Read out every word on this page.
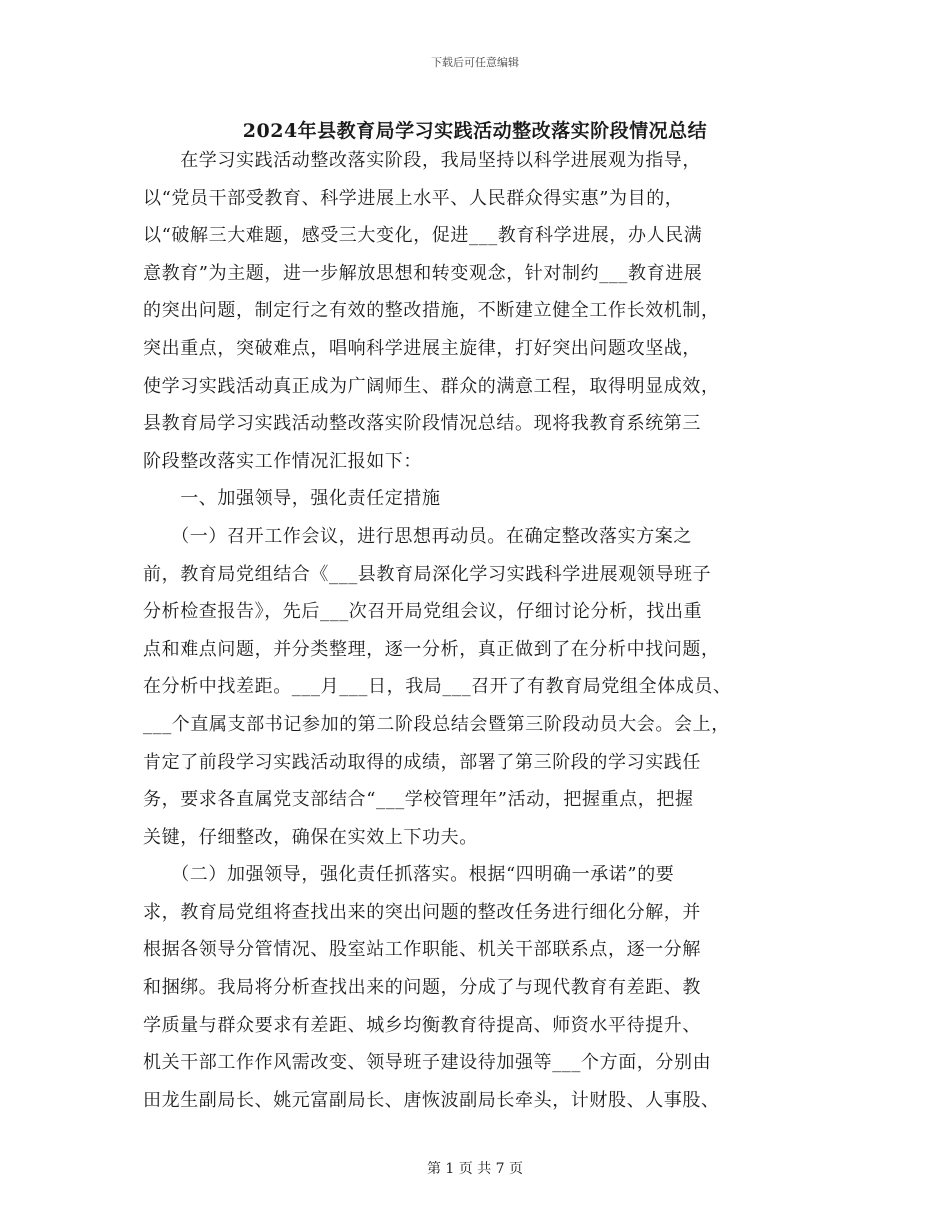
下载后可任意编辑
2024年县教育局学习实践活动整改落实阶段情况总结
　　在学习实践活动整改落实阶段，我局坚持以科学进展观为指导，
以“党员干部受教育、科学进展上水平、人民群众得实惠”为目的，
以“破解三大难题，感受三大变化，促进___教育科学进展，办人民满
意教育”为主题，进一步解放思想和转变观念，针对制约___教育进展
的突出问题，制定行之有效的整改措施，不断建立健全工作长效机制，
突出重点，突破难点，唱响科学进展主旋律，打好突出问题攻坚战，
使学习实践活动真正成为广阔师生、群众的满意工程，取得明显成效，
县教育局学习实践活动整改落实阶段情况总结。现将我教育系统第三
阶段整改落实工作情况汇报如下：
　　一、加强领导，强化责任定措施
　　（一）召开工作会议，进行思想再动员。在确定整改落实方案之
前，教育局党组结合《___县教育局深化学习实践科学进展观领导班子
分析检查报告》，先后___次召开局党组会议，仔细讨论分析，找出重
点和难点问题，并分类整理，逐一分析，真正做到了在分析中找问题，
在分析中找差距。___月___日，我局___召开了有教育局党组全体成员、
___个直属支部书记参加的第二阶段总结会暨第三阶段动员大会。会上，
肯定了前段学习实践活动取得的成绩，部署了第三阶段的学习实践任
务，要求各直属党支部结合“___学校管理年”活动，把握重点，把握
关键，仔细整改，确保在实效上下功夫。
　　（二）加强领导，强化责任抓落实。根据“四明确一承诺”的要
求，教育局党组将查找出来的突出问题的整改任务进行细化分解，并
根据各领导分管情况、股室站工作职能、机关干部联系点，逐一分解
和捆绑。我局将分析查找出来的问题，分成了与现代教育有差距、教
学质量与群众要求有差距、城乡均衡教育待提高、师资水平待提升、
机关干部工作作风需改变、领导班子建设待加强等___个方面，分别由
田龙生副局长、姚元富副局长、唐恢波副局长牵头，计财股、人事股、
第 1 页 共 7 页
